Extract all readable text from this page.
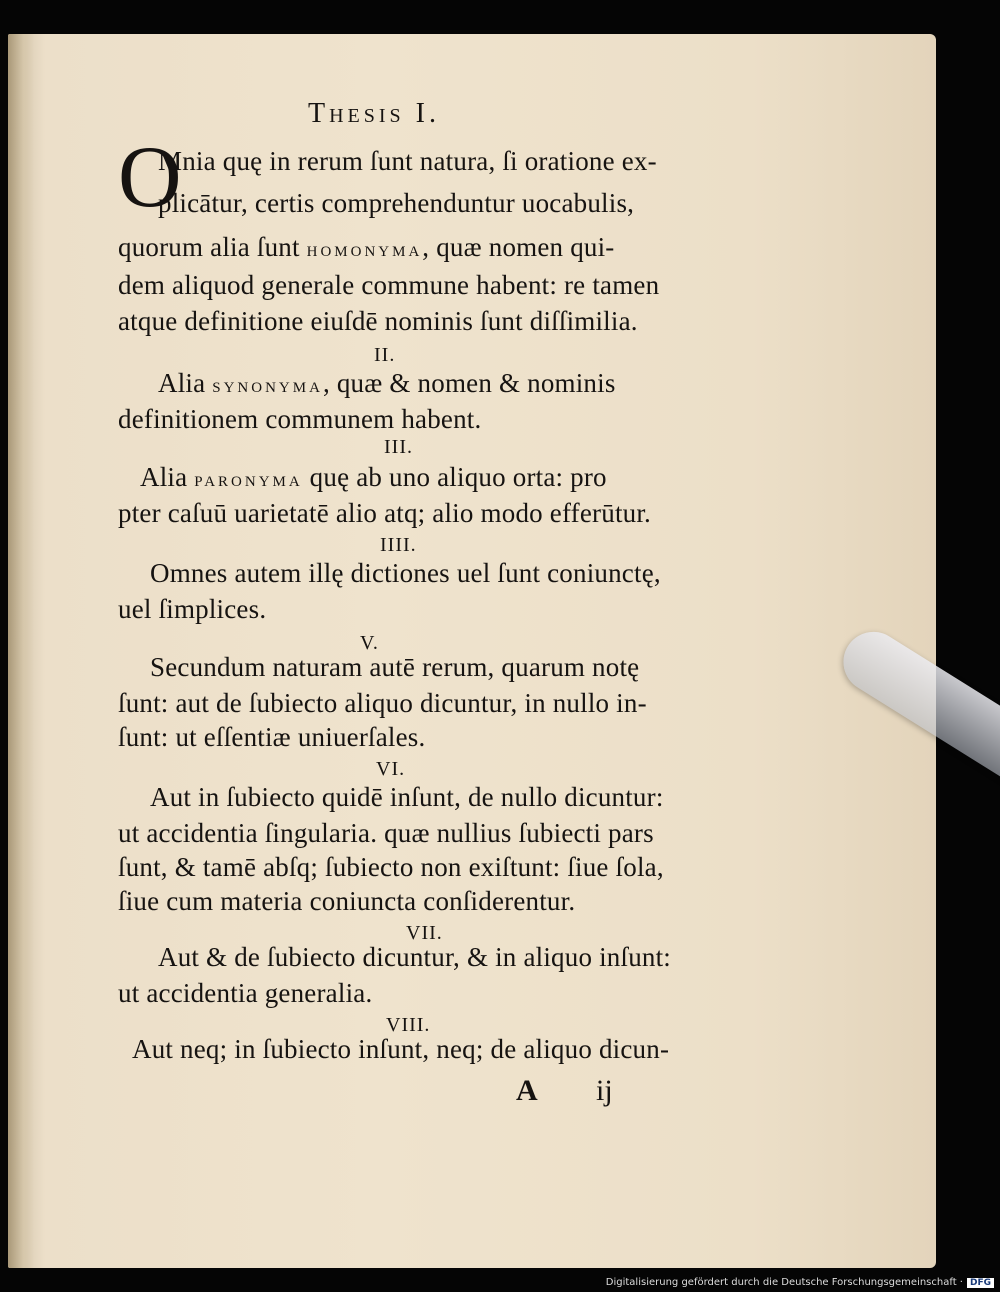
Thesis I.
O
Mnia quę in rerum ſunt natura, ſi oratione ex-
plicātur, certis comprehenduntur uocabulis,
quorum alia ſunt homonyma, quæ nomen qui-
dem aliquod generale commune habent: re tamen
atque definitione eiuſdē nominis ſunt diſſimilia.
II.
Alia synonyma, quæ & nomen & nominis
definitionem communem habent.
III.
Alia paronyma quę ab uno aliquo orta: pro
pter caſuū uarietatē alio atq; alio modo efferūtur.
IIII.
Omnes autem illę dictiones uel ſunt coniunctę,
uel ſimplices.
V.
Secundum naturam autē rerum, quarum notę
ſunt: aut de ſubiecto aliquo dicuntur, in nullo in-
ſunt: ut eſſentiæ uniuerſales.
VI.
Aut in ſubiecto quidē inſunt, de nullo dicuntur:
ut accidentia ſingularia. quæ nullius ſubiecti pars
ſunt, & tamē abſq; ſubiecto non exiſtunt: ſiue ſola,
ſiue cum materia coniuncta conſiderentur.
VII.
Aut & de ſubiecto dicuntur, & in aliquo inſunt:
ut accidentia generalia.
VIII.
Aut neq; in ſubiecto inſunt, neq; de aliquo dicun-
A ij
Digitalisierung gefördert durch die Deutsche Forschungsgemeinschaft · DFG
